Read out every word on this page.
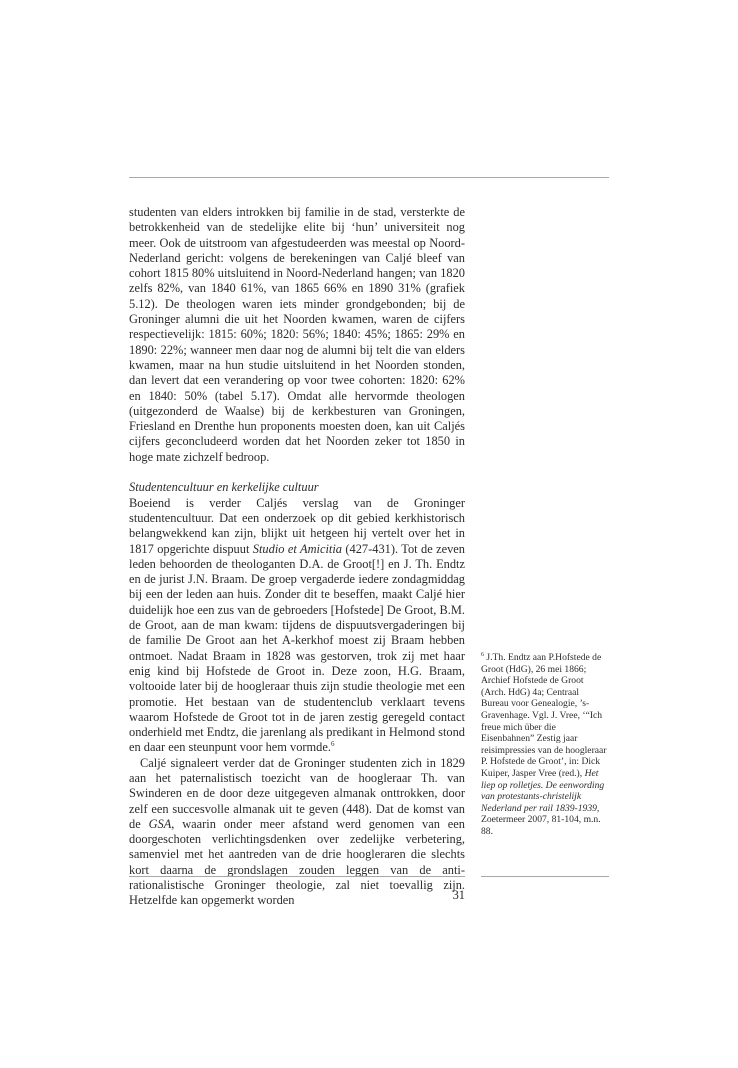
studenten van elders introkken bij familie in de stad, versterkte de betrokkenheid van de stedelijke elite bij ‘hun’ universiteit nog meer. Ook de uitstroom van afgestudeerden was meestal op Noord-Nederland gericht: volgens de berekeningen van Caljé bleef van cohort 1815 80% uitsluitend in Noord-Nederland hangen; van 1820 zelfs 82%, van 1840 61%, van 1865 66% en 1890 31% (grafiek 5.12). De theologen waren iets minder grondgebonden; bij de Groninger alumni die uit het Noorden kwamen, waren de cijfers respectievelijk: 1815: 60%; 1820: 56%; 1840: 45%; 1865: 29% en 1890: 22%; wanneer men daar nog de alumni bij telt die van elders kwamen, maar na hun studie uitsluitend in het Noorden stonden, dan levert dat een verandering op voor twee cohorten: 1820: 62% en 1840: 50% (tabel 5.17). Omdat alle hervormde theologen (uitgezonderd de Waalse) bij de kerkbesturen van Groningen, Friesland en Drenthe hun proponents moesten doen, kan uit Caljés cijfers geconcludeerd worden dat het Noorden zeker tot 1850 in hoge mate zichzelf bedroop.

Studentencultuur en kerkelijke cultuur

Boeiend is verder Caljés verslag van de Groninger studentencultuur. Dat een onderzoek op dit gebied kerkhistorisch belangwekkend kan zijn, blijkt uit hetgeen hij vertelt over het in 1817 opgerichte dispuut Studio et Amicitia (427-431). Tot de zeven leden behoorden de theologanten D.A. de Groot[!] en J. Th. Endtz en de jurist J.N. Braam. De groep vergaderde iedere zondagmiddag bij een der leden aan huis. Zonder dit te beseffen, maakt Caljé hier duidelijk hoe een zus van de gebroeders [Hofstede] De Groot, B.M. de Groot, aan de man kwam: tijdens de dispuutsvergaderingen bij de familie De Groot aan het A-kerkhof moest zij Braam hebben ontmoet. Nadat Braam in 1828 was gestorven, trok zij met haar enig kind bij Hofstede de Groot in. Deze zoon, H.G. Braam, voltooide later bij de hoogleraar thuis zijn studie theologie met een promotie. Het bestaan van de studentenclub verklaart tevens waarom Hofstede de Groot tot in de jaren zestig geregeld contact onderhield met Endtz, die jarenlang als predikant in Helmond stond en daar een steunpunt voor hem vormde.$^6$

Caljé signaleert verder dat de Groninger studenten zich in 1829 aan het paternalistisch toezicht van de hoogleraar Th. van Swinderen en de door deze uitgegeven almanak onttrokken, door zelf een succesvolle almanak uit te geven (448). Dat de komst van de GSA, waarin onder meer afstand werd genomen van een doorgeschoten verlichtingsdenken over zedelijke verbetering, samenviel met het aantreden van de drie hoogleraren die slechts kort daarna de grondslagen zouden leggen van de anti-rationalistische Groninger theologie, zal niet toevallig zijn. Hetzelfde kan opgemerkt worden

$^6$ J.Th. Endtz aan P.Hofstede de Groot (HdG), 26 mei 1866; Archief Hofstede de Groot (Arch. HdG) 4a; Centraal Bureau voor Genealogie, ’s-Gravenhage. Vgl. J. Vree, ‘“Ich freue mich über die Eisenbahnen” Zestig jaar reisimpressies van de hoogleraar P. Hofstede de Groot’, in: Dick Kuiper, Jasper Vree (red.), Het liep op rolletjes. De eenwording van protestants-christelijk Nederland per rail 1839-1939, Zoetermeer 2007, 81-104, m.n. 88.
31
